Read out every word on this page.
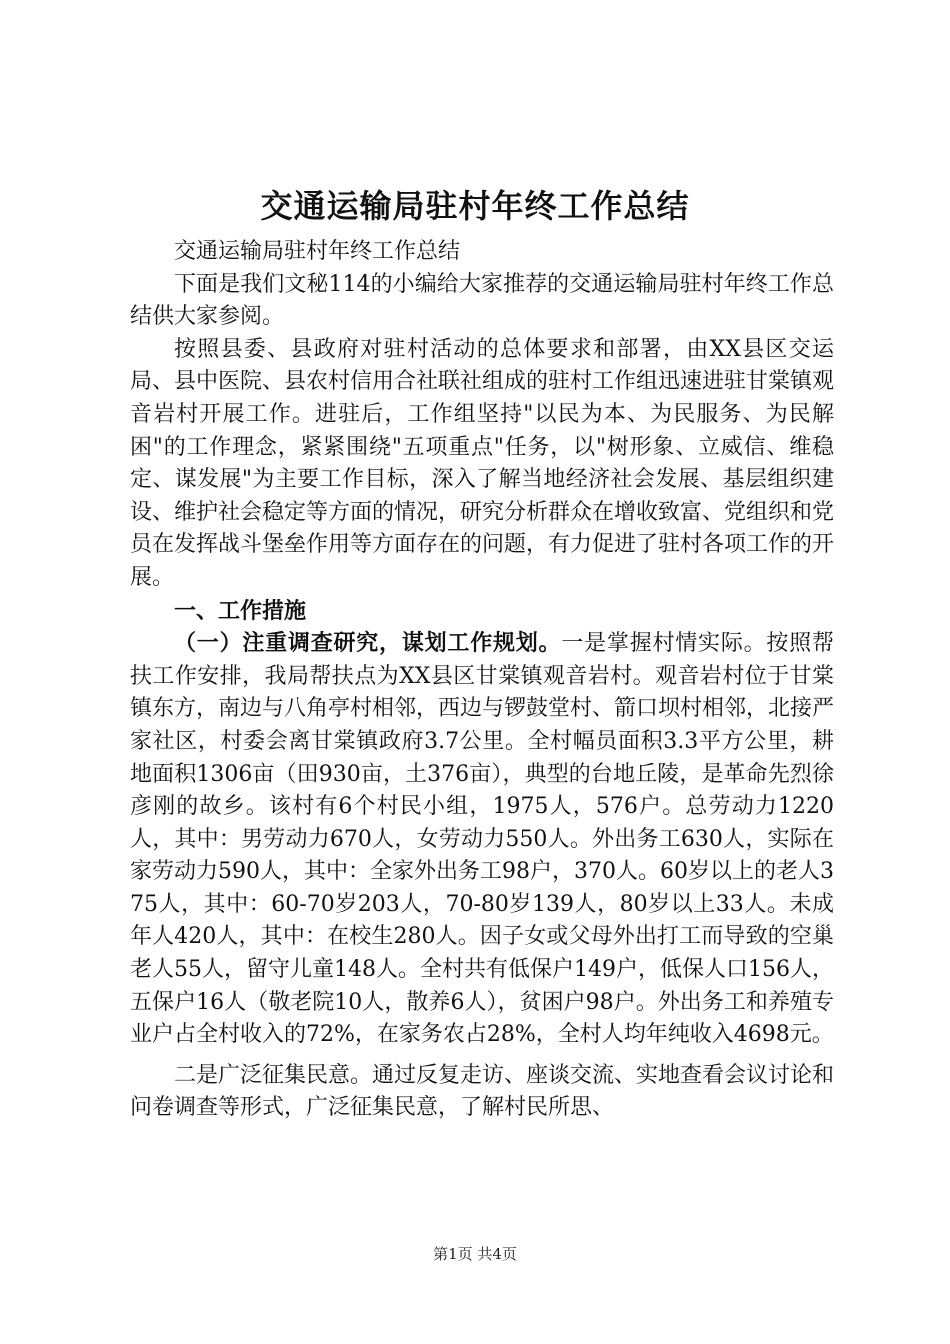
交通运输局驻村年终工作总结

交通运输局驻村年终工作总结

下面是我们文秘114的小编给大家推荐的交通运输局驻村年终工作总结供大家参阅。

按照县委、县政府对驻村活动的总体要求和部署，由XX县区交运局、县中医院、县农村信用合社联社组成的驻村工作组迅速进驻甘棠镇观音岩村开展工作。进驻后，工作组坚持"以民为本、为民服务、为民解困"的工作理念，紧紧围绕"五项重点"任务，以"树形象、立威信、维稳定、谋发展"为主要工作目标，深入了解当地经济社会发展、基层组织建设、维护社会稳定等方面的情况，研究分析群众在增收致富、党组织和党员在发挥战斗堡垒作用等方面存在的问题，有力促进了驻村各项工作的开展。

一、工作措施

（一）注重调查研究，谋划工作规划。一是掌握村情实际。按照帮扶工作安排，我局帮扶点为XX县区甘棠镇观音岩村。观音岩村位于甘棠镇东方，南边与八角亭村相邻，西边与锣鼓堂村、箭口坝村相邻，北接严家社区，村委会离甘棠镇政府3.7公里。全村幅员面积3.3平方公里，耕地面积1306亩（田930亩，土376亩），典型的台地丘陵，是革命先烈徐彦刚的故乡。该村有6个村民小组，1975人，576户。总劳动力1220人，其中：男劳动力670人，女劳动力550人。外出务工630人，实际在家劳动力590人，其中：全家外出务工98户，370人。60岁以上的老人375人，其中：60-70岁203人，70-80岁139人，80岁以上33人。未成年人420人，其中：在校生280人。因子女或父母外出打工而导致的空巢老人55人，留守儿童148人。全村共有低保户149户，低保人口156人，五保户16人（敬老院10人，散养6人），贫困户98户。外出务工和养殖专业户占全村收入的72%，在家务农占28%，全村人均年纯收入4698元。

二是广泛征集民意。通过反复走访、座谈交流、实地查看会议讨论和问卷调查等形式，广泛征集民意，了解村民所思、

第1页 共4页
